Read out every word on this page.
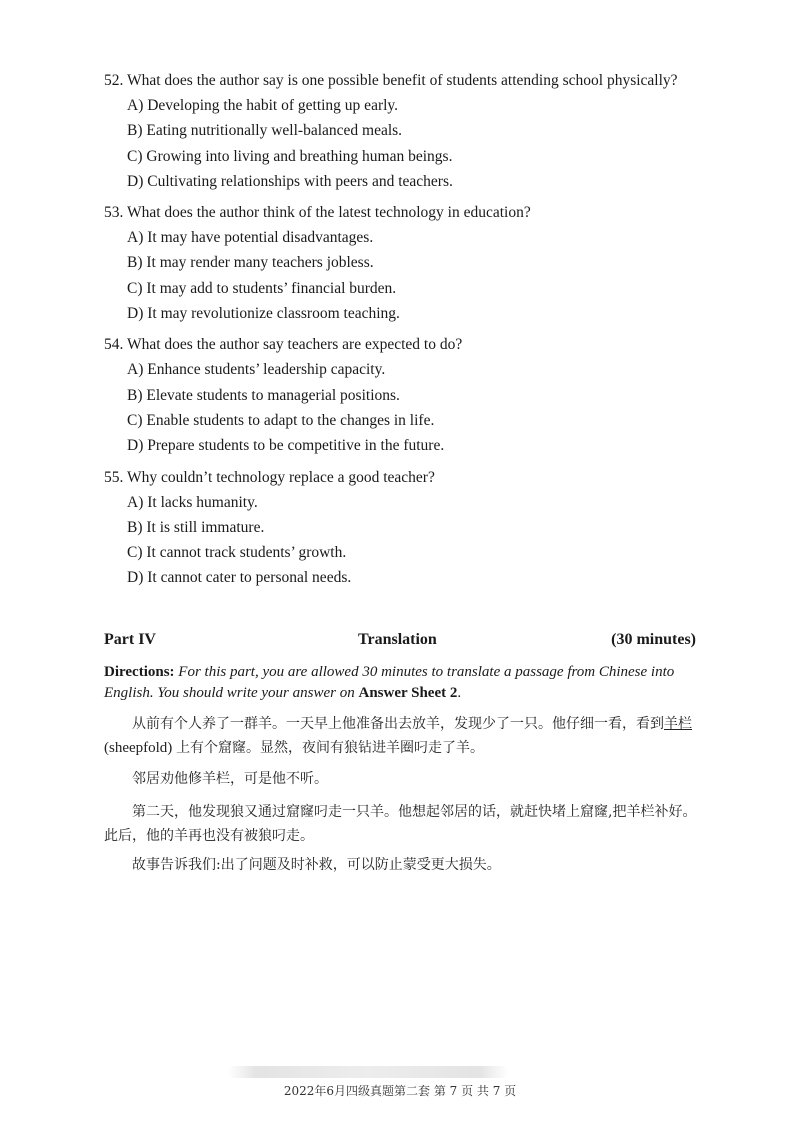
52. What does the author say is one possible benefit of students attending school physically?
A) Developing the habit of getting up early.
B) Eating nutritionally well-balanced meals.
C) Growing into living and breathing human beings.
D) Cultivating relationships with peers and teachers.
53. What does the author think of the latest technology in education?
A) It may have potential disadvantages.
B) It may render many teachers jobless.
C) It may add to students’ financial burden.
D) It may revolutionize classroom teaching.
54. What does the author say teachers are expected to do?
A) Enhance students’ leadership capacity.
B) Elevate students to managerial positions.
C) Enable students to adapt to the changes in life.
D) Prepare students to be competitive in the future.
55. Why couldn’t technology replace a good teacher?
A) It lacks humanity.
B) It is still immature.
C) It cannot track students’ growth.
D) It cannot cater to personal needs.
Part IV	Translation	(30 minutes)
Directions: For this part, you are allowed 30 minutes to translate a passage from Chinese into English. You should write your answer on Answer Sheet 2.
从前有个人养了一群羊。一天早上他准备出去放羊，发现少了一只。他仔细一看，看到羊栏 (sheepfold) 上有个窟窿。显然，夜间有狼钻进羊圈叼走了羊。
邻居劝他修羊栏，可是他不听。
第二天，他发现狼又通过窟窿叼走一只羊。他想起邻居的话，就赶快堵上窟窿,把羊栏补好。此后，他的羊再也没有被狼叼走。
故事告诉我们:出了问题及时补救，可以防止蒙受更大损失。
2022年6月四级真题第二套 第 7 页 共 7 页
